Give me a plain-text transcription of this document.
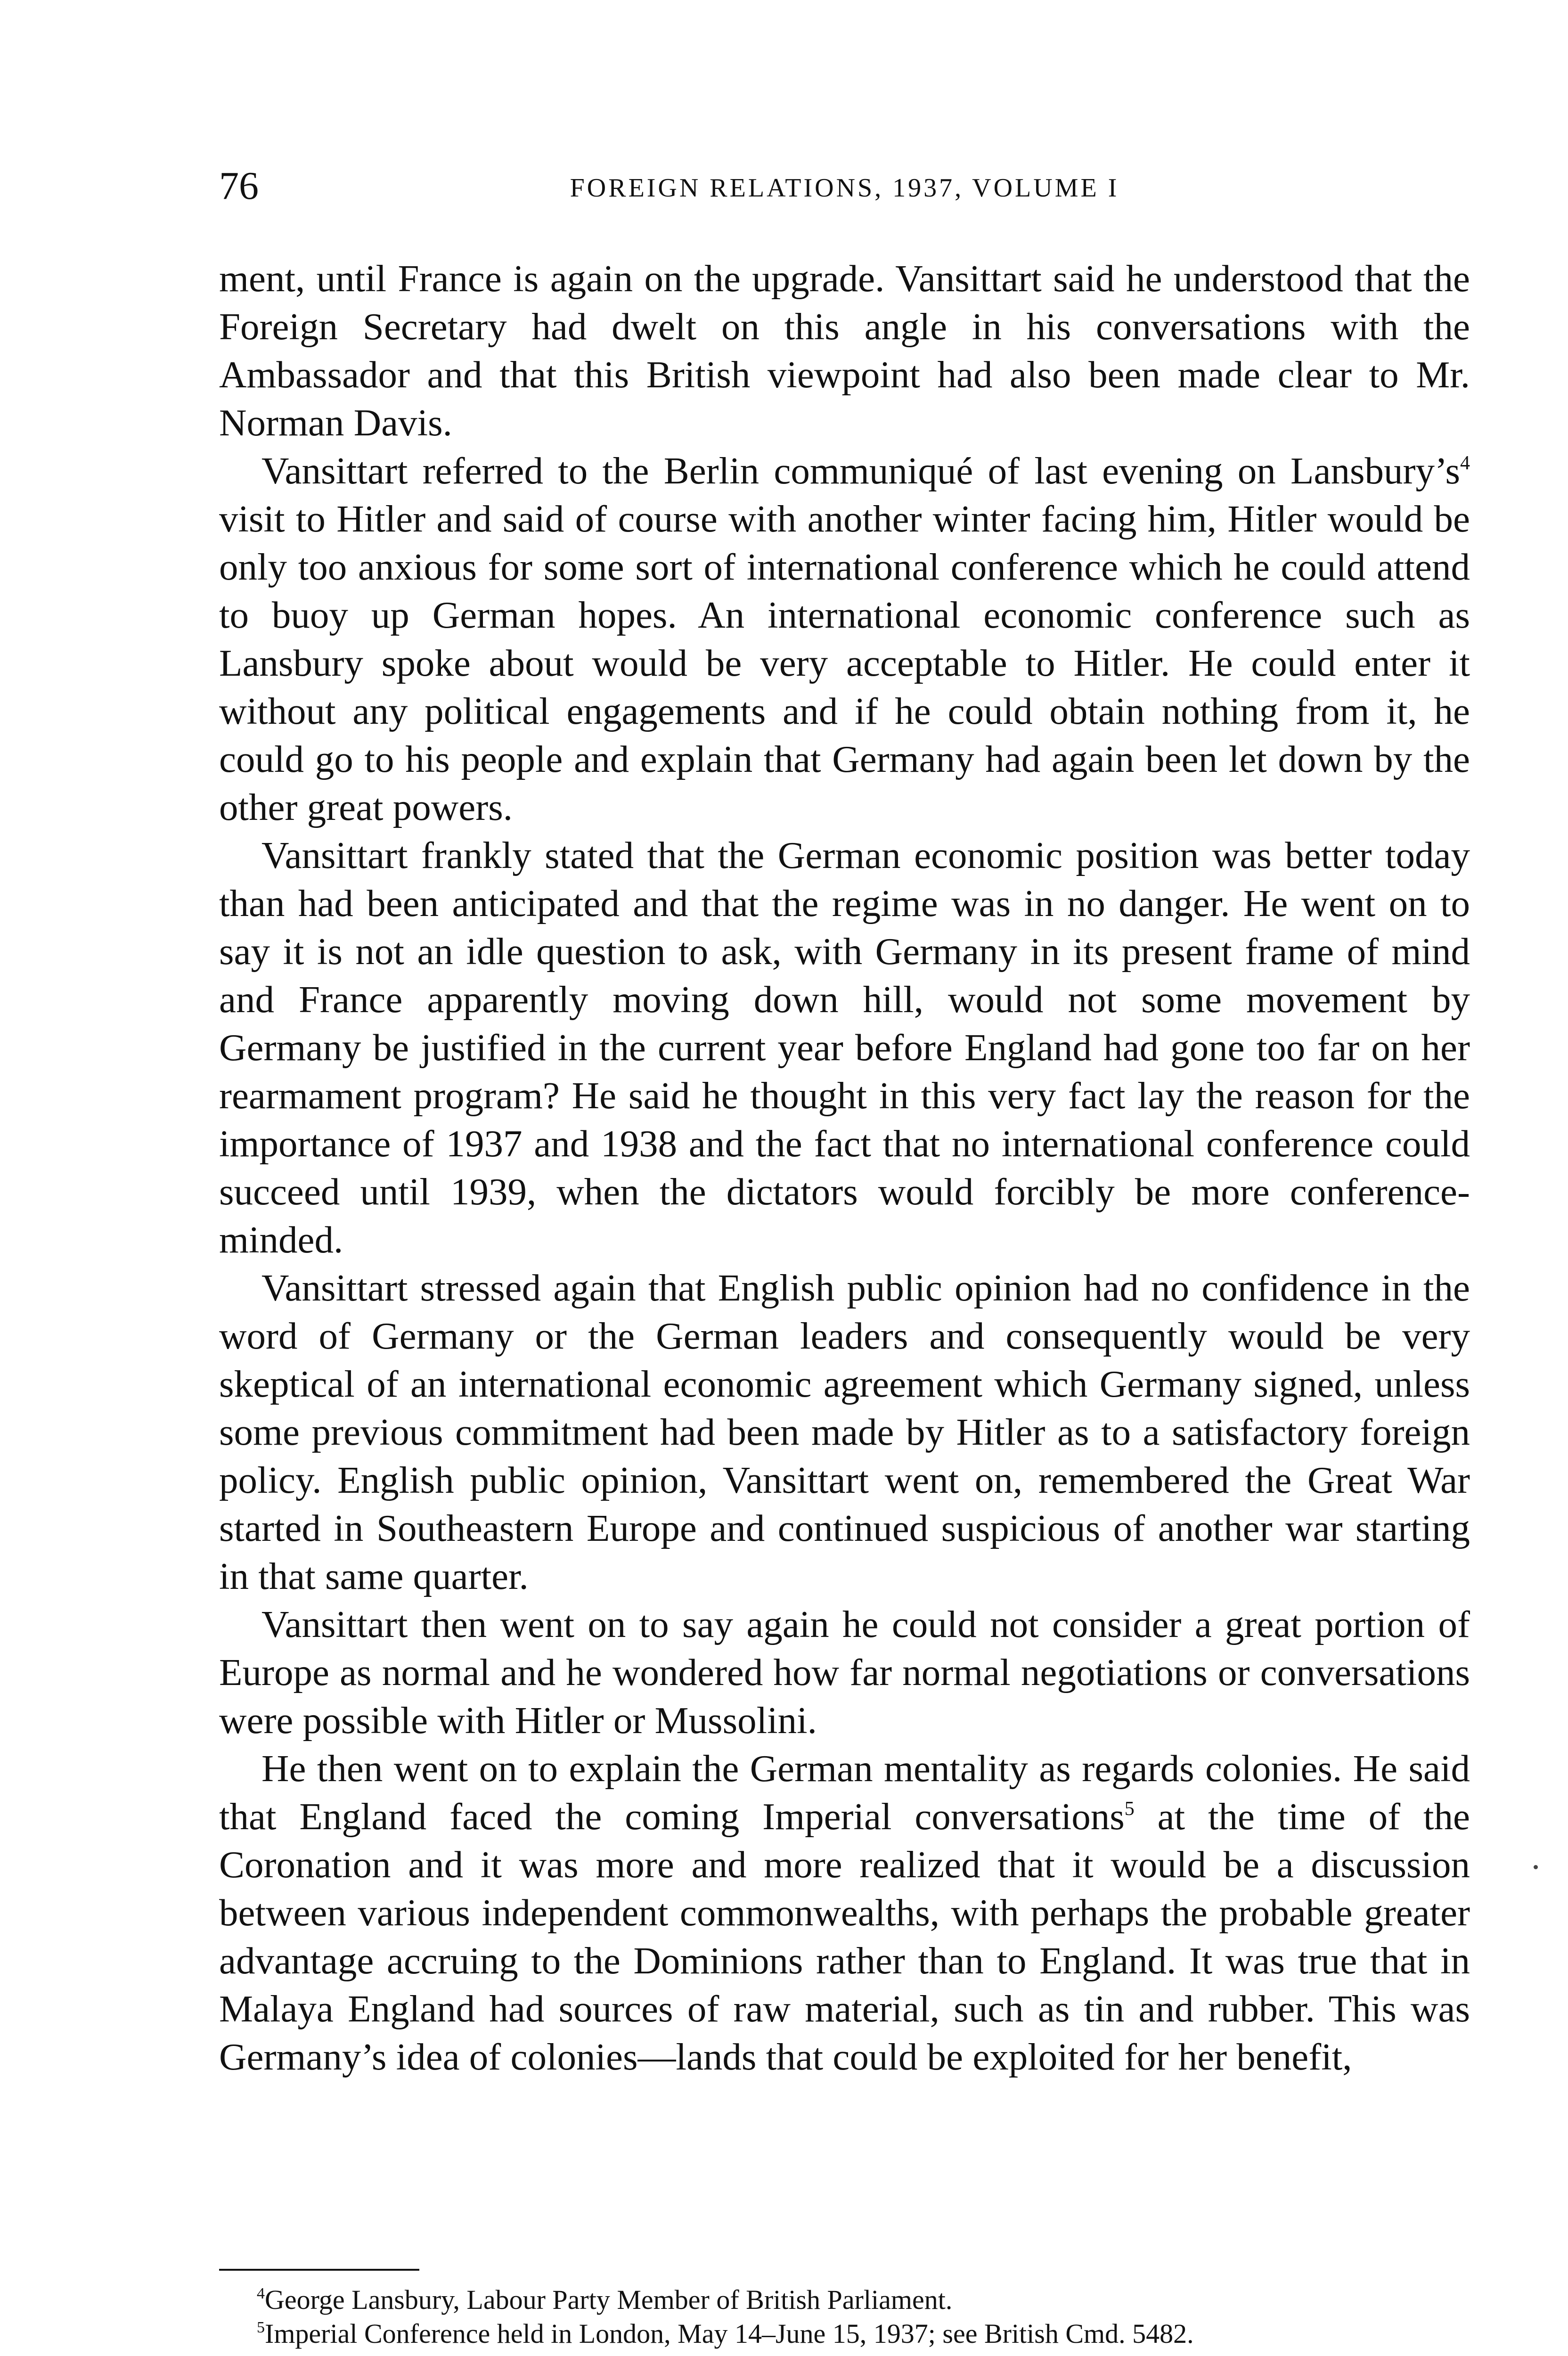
76	FOREIGN RELATIONS, 1937, VOLUME I

ment, until France is again on the upgrade. Vansittart said he understood that the Foreign Secretary had dwelt on this angle in his conversations with the Ambassador and that this British viewpoint had also been made clear to Mr. Norman Davis.

Vansittart referred to the Berlin communiqué of last evening on Lansbury’s$^4$ visit to Hitler and said of course with another winter facing him, Hitler would be only too anxious for some sort of international conference which he could attend to buoy up German hopes. An international economic conference such as Lansbury spoke about would be very acceptable to Hitler. He could enter it without any political engagements and if he could obtain nothing from it, he could go to his people and explain that Germany had again been let down by the other great powers.

Vansittart frankly stated that the German economic position was better today than had been anticipated and that the regime was in no danger. He went on to say it is not an idle question to ask, with Germany in its present frame of mind and France apparently moving down hill, would not some movement by Germany be justified in the current year before England had gone too far on her rearmament program? He said he thought in this very fact lay the reason for the importance of 1937 and 1938 and the fact that no international conference could succeed until 1939, when the dictators would forcibly be more conference-minded.

Vansittart stressed again that English public opinion had no confidence in the word of Germany or the German leaders and consequently would be very skeptical of an international economic agreement which Germany signed, unless some previous commitment had been made by Hitler as to a satisfactory foreign policy. English public opinion, Vansittart went on, remembered the Great War started in Southeastern Europe and continued suspicious of another war starting in that same quarter.

Vansittart then went on to say again he could not consider a great portion of Europe as normal and he wondered how far normal negotiations or conversations were possible with Hitler or Mussolini.

He then went on to explain the German mentality as regards colonies. He said that England faced the coming Imperial conversations$^5$ at the time of the Coronation and it was more and more realized that it would be a discussion between various independent commonwealths, with perhaps the probable greater advantage accruing to the Dominions rather than to England. It was true that in Malaya England had sources of raw material, such as tin and rubber. This was Germany’s idea of colonies—lands that could be exploited for her benefit,

$^4$George Lansbury, Labour Party Member of British Parliament.

$^5$Imperial Conference held in London, May 14–June 15, 1937; see British Cmd. 5482.
